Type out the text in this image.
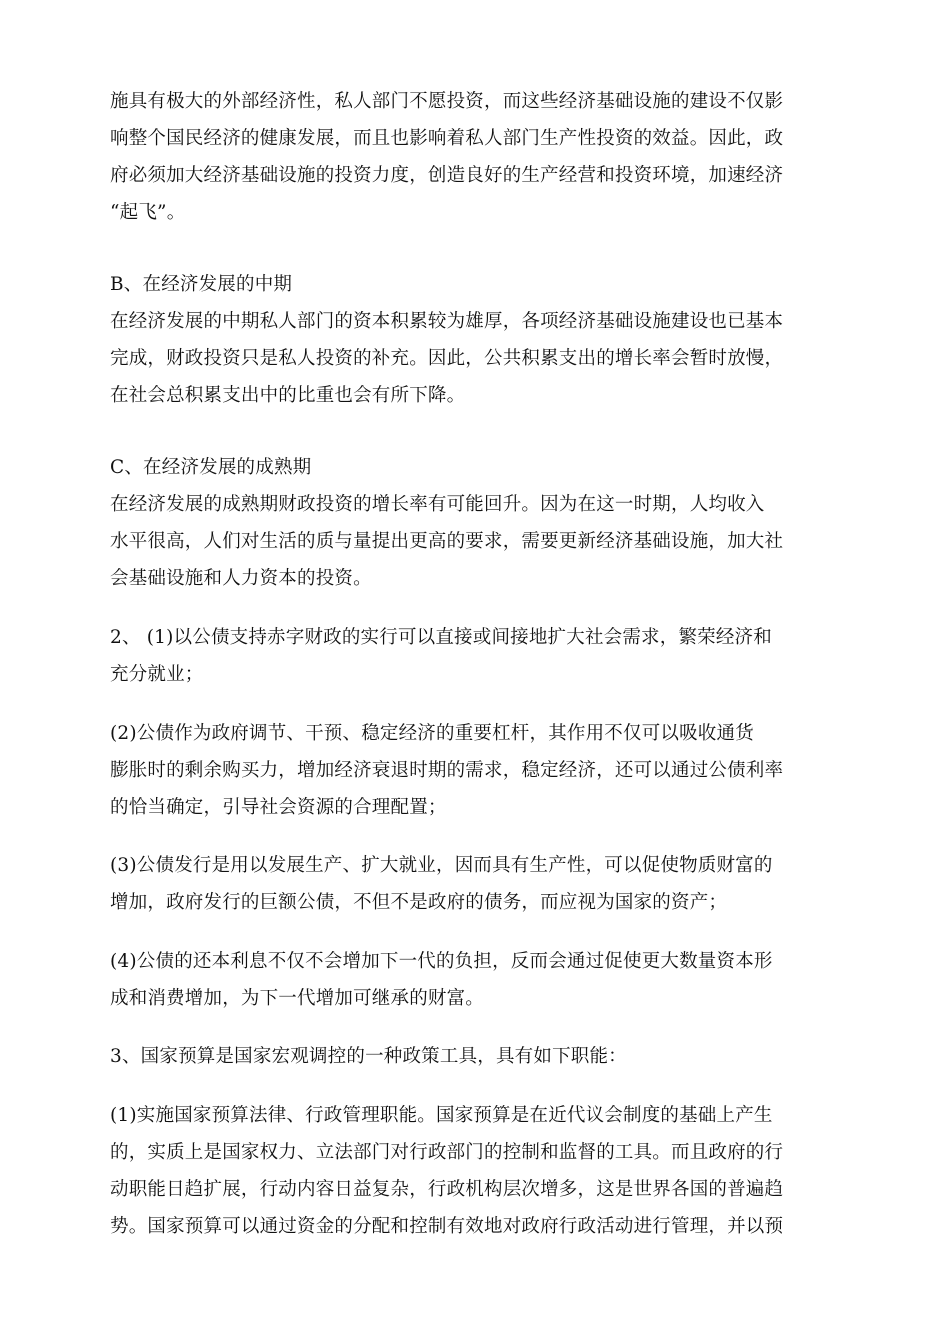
施具有极大的外部经济性，私人部门不愿投资，而这些经济基础设施的建设不仅影
响整个国民经济的健康发展，而且也影响着私人部门生产性投资的效益。因此，政
府必须加大经济基础设施的投资力度，创造良好的生产经营和投资环境，加速经济
“起飞”。
B、在经济发展的中期
在经济发展的中期私人部门的资本积累较为雄厚，各项经济基础设施建设也已基本
完成，财政投资只是私人投资的补充。因此，公共积累支出的增长率会暂时放慢，
在社会总积累支出中的比重也会有所下降。
C、在经济发展的成熟期
在经济发展的成熟期财政投资的增长率有可能回升。因为在这一时期，人均收入
水平很高，人们对生活的质与量提出更高的要求，需要更新经济基础设施，加大社
会基础设施和人力资本的投资。
2、 (1)以公债支持赤字财政的实行可以直接或间接地扩大社会需求，繁荣经济和
充分就业；
(2)公债作为政府调节、干预、稳定经济的重要杠杆，其作用不仅可以吸收通货
膨胀时的剩余购买力，增加经济衰退时期的需求，稳定经济，还可以通过公债利率
的恰当确定，引导社会资源的合理配置；
(3)公债发行是用以发展生产、扩大就业，因而具有生产性，可以促使物质财富的
增加，政府发行的巨额公债，不但不是政府的债务，而应视为国家的资产；
(4)公债的还本利息不仅不会增加下一代的负担，反而会通过促使更大数量资本形
成和消费增加，为下一代增加可继承的财富。
3、国家预算是国家宏观调控的一种政策工具，具有如下职能：
(1)实施国家预算法律、行政管理职能。国家预算是在近代议会制度的基础上产生
的，实质上是国家权力、立法部门对行政部门的控制和监督的工具。而且政府的行
动职能日趋扩展，行动内容日益复杂，行政机构层次增多，这是世界各国的普遍趋
势。国家预算可以通过资金的分配和控制有效地对政府行政活动进行管理，并以预
